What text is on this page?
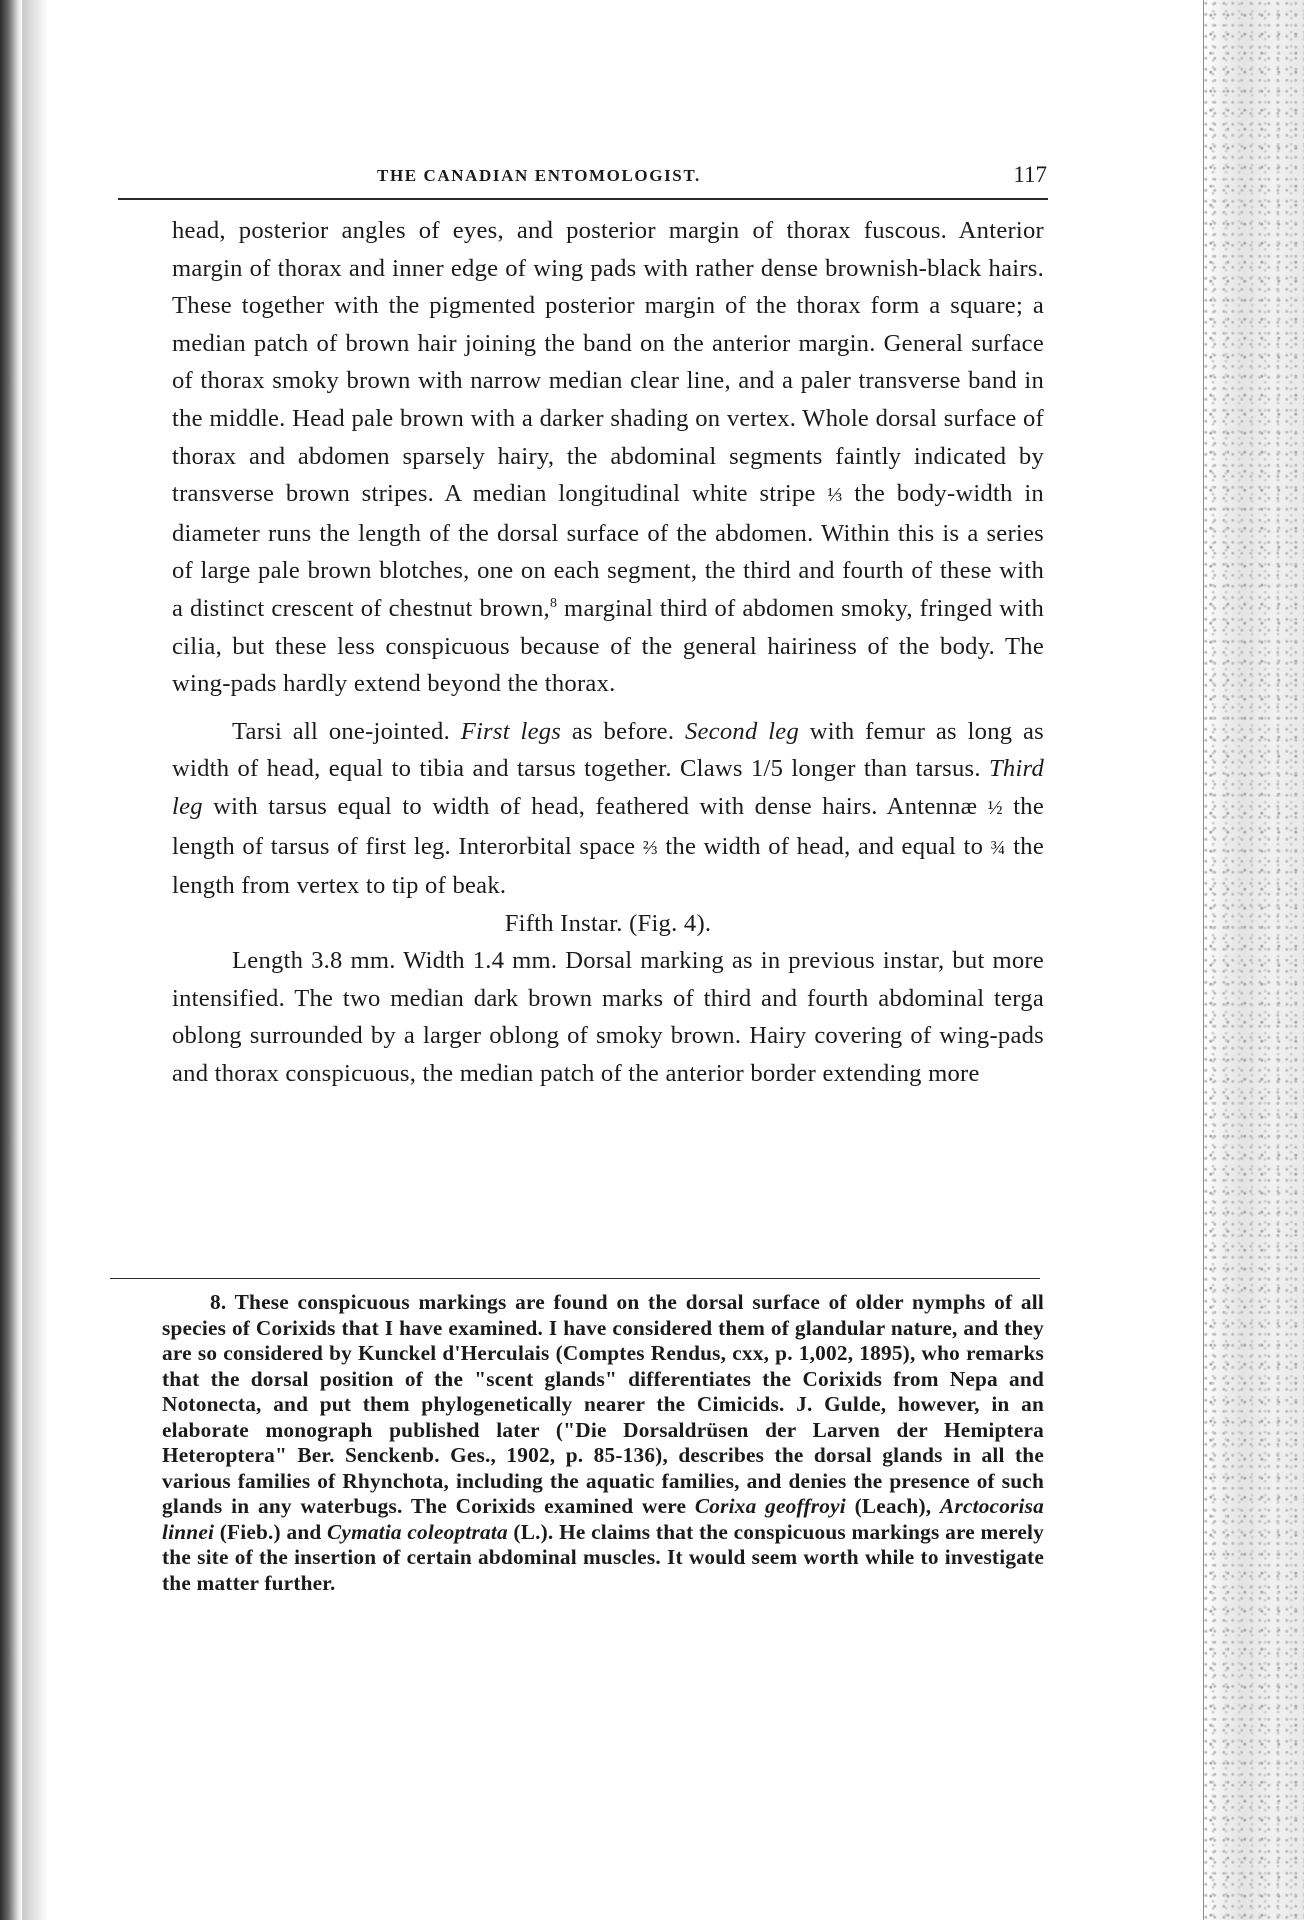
THE CANADIAN ENTOMOLOGIST.	117

head, posterior angles of eyes, and posterior margin of thorax fuscous. Anterior margin of thorax and inner edge of wing pads with rather dense brownish-black hairs. These together with the pigmented posterior margin of the thorax form a square; a median patch of brown hair joining the band on the anterior margin. General surface of thorax smoky brown with narrow median clear line, and a paler transverse band in the middle. Head pale brown with a darker shading on vertex. Whole dorsal surface of thorax and abdomen sparsely hairy, the abdominal segments faintly indicated by transverse brown stripes. A median longitudinal white stripe ⅓ the body-width in diameter runs the length of the dorsal surface of the abdomen. Within this is a series of large pale brown blotches, one on each segment, the third and fourth of these with a distinct crescent of chestnut brown,$^8$ marginal third of abdomen smoky, fringed with cilia, but these less conspicuous because of the general hairiness of the body. The wing-pads hardly extend beyond the thorax.

Tarsi all one-jointed. First legs as before. Second leg with femur as long as width of head, equal to tibia and tarsus together. Claws 1/5 longer than tarsus. Third leg with tarsus equal to width of head, feathered with dense hairs. Antennæ ½ the length of tarsus of first leg. Interorbital space ⅔ the width of head, and equal to ¾ the length from vertex to tip of beak.

Fifth Instar. (Fig. 4).

Length 3.8 mm. Width 1.4 mm. Dorsal marking as in previous instar, but more intensified. The two median dark brown marks of third and fourth abdominal terga oblong surrounded by a larger oblong of smoky brown. Hairy covering of wing-pads and thorax conspicuous, the median patch of the anterior border extending more

8. These conspicuous markings are found on the dorsal surface of older nymphs of all species of Corixids that I have examined. I have considered them of glandular nature, and they are so considered by Kunckel d'Herculais (Comptes Rendus, cxx, p. 1,002, 1895), who remarks that the dorsal position of the "scent glands" differentiates the Corixids from Nepa and Notonecta, and put them phylogenetically nearer the Cimicids. J. Gulde, however, in an elaborate monograph published later ("Die Dorsaldrüsen der Larven der Hemiptera Heteroptera" Ber. Senckenb. Ges., 1902, p. 85-136), describes the dorsal glands in all the various families of Rhynchota, including the aquatic families, and denies the presence of such glands in any waterbugs. The Corixids examined were Corixa geoffroyi (Leach), Arctocorisa linnei (Fieb.) and Cymatia coleoptrata (L.). He claims that the conspicuous markings are merely the site of the insertion of certain abdominal muscles. It would seem worth while to investigate the matter further.
